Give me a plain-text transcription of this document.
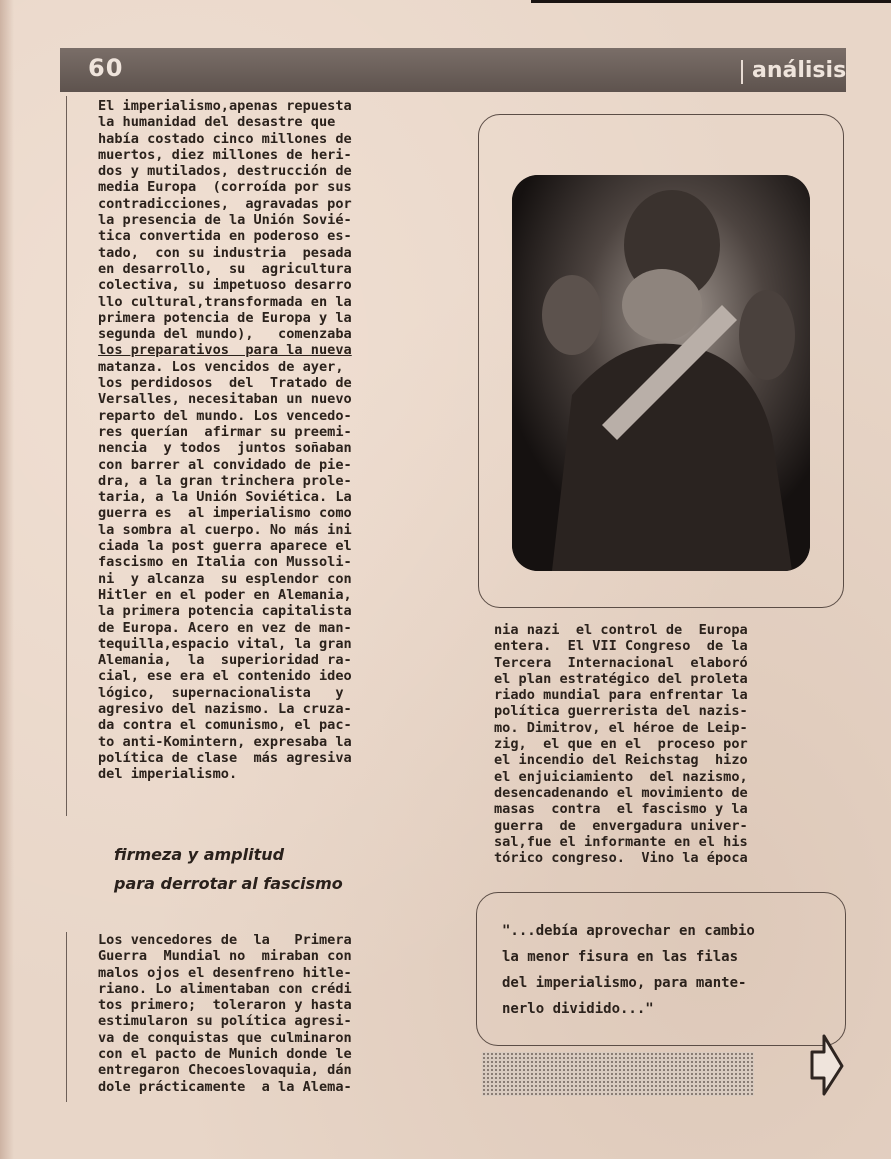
60	análisis
El imperialismo,apenas repuesta
la humanidad del desastre que
había costado cinco millones de
muertos, diez millones de heri-
dos y mutilados, destrucción de
media Europa  (corroída por sus
contradicciones,  agravadas por
la presencia de la Unión Sovié-
tica convertida en poderoso es-
tado,  con su industria  pesada
en desarrollo,  su  agricultura
colectiva, su impetuoso desarro
llo cultural,transformada en la
primera potencia de Europa y la
segunda del mundo),   comenzaba
los preparativos  para la nueva
matanza. Los vencidos de ayer,
los perdidosos  del  Tratado de
Versalles, necesitaban un nuevo
reparto del mundo. Los vencedo-
res querían  afirmar su preemi-
nencia  y todos  juntos soñaban
con barrer al convidado de pie-
dra, a la gran trinchera prole-
taria, a la Unión Soviética. La
guerra es  al imperialismo como
la sombra al cuerpo. No más ini
ciada la post guerra aparece el
fascismo en Italia con Mussoli-
ni  y alcanza  su esplendor con
Hitler en el poder en Alemania,
la primera potencia capitalista
de Europa. Acero en vez de man-
tequilla,espacio vital, la gran
Alemania,  la  superioridad ra-
cial, ese era el contenido ideo
lógico,  supernacionalista   y
agresivo del nazismo. La cruza-
da contra el comunismo, el pac-
to anti-Komintern, expresaba la
política de clase  más agresiva
del imperialismo.
firmeza y amplitud
para derrotar al fascismo
Los vencedores de  la   Primera
Guerra  Mundial no  miraban con
malos ojos el desenfreno hitle-
riano. Lo alimentaban con crédi
tos primero;  toleraron y hasta
estimularon su política agresi-
va de conquistas que culminaron
con el pacto de Munich donde le
entregaron Checoeslovaquia, dán
dole prácticamente  a la Alema-
nia nazi  el control de  Europa
entera.  El VII Congreso  de la
Tercera  Internacional  elaboró
el plan estratégico del proleta
riado mundial para enfrentar la
política guerrerista del nazis-
mo. Dimitrov, el héroe de Leip-
zig,  el que en el  proceso por
el incendio del Reichstag  hizo
el enjuiciamiento  del nazismo,
desencadenando el movimiento de
masas  contra  el fascismo y la
guerra  de  envergadura univer-
sal,fue el informante en el his
tórico congreso.  Vino la época
"...debía aprovechar en cambio
la menor fisura en las filas
del imperialismo, para mante-
nerlo dividido..."
